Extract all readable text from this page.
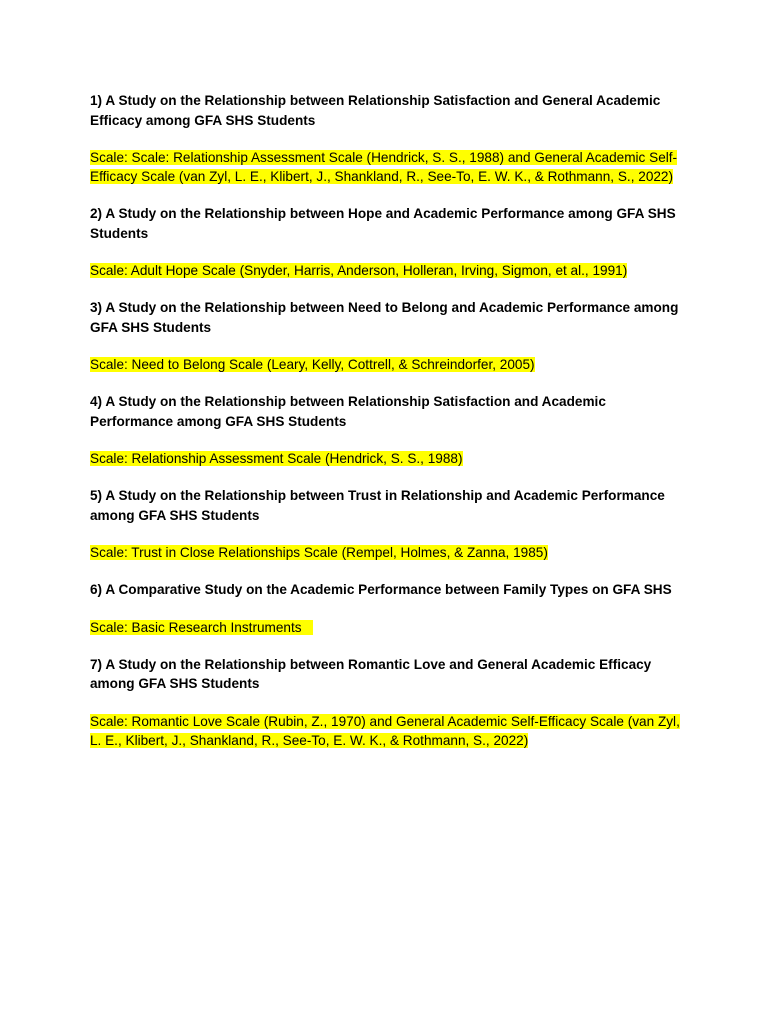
1) A Study on the Relationship between Relationship Satisfaction and General Academic Efficacy among GFA SHS Students

Scale: Scale: Relationship Assessment Scale (Hendrick, S. S., 1988) and General Academic Self-Efficacy Scale (van Zyl, L. E., Klibert, J., Shankland, R., See-To, E. W. K., & Rothmann, S., 2022)

2) A Study on the Relationship between Hope and Academic Performance among GFA SHS Students

Scale: Adult Hope Scale (Snyder, Harris, Anderson, Holleran, Irving, Sigmon, et al., 1991)

3) A Study on the Relationship between Need to Belong and Academic Performance among GFA SHS Students

Scale: Need to Belong Scale (Leary, Kelly, Cottrell, & Schreindorfer, 2005)

4) A Study on the Relationship between Relationship Satisfaction and Academic Performance among GFA SHS Students

Scale: Relationship Assessment Scale (Hendrick, S. S., 1988)

5) A Study on the Relationship between Trust in Relationship and Academic Performance among GFA SHS Students

Scale: Trust in Close Relationships Scale (Rempel, Holmes, & Zanna, 1985)

6) A Comparative Study on the Academic Performance between Family Types on GFA SHS

Scale: Basic Research Instruments

7) A Study on the Relationship between Romantic Love and General Academic Efficacy among GFA SHS Students

Scale: Romantic Love Scale (Rubin, Z., 1970) and General Academic Self-Efficacy Scale (van Zyl, L. E., Klibert, J., Shankland, R., See-To, E. W. K., & Rothmann, S., 2022)
